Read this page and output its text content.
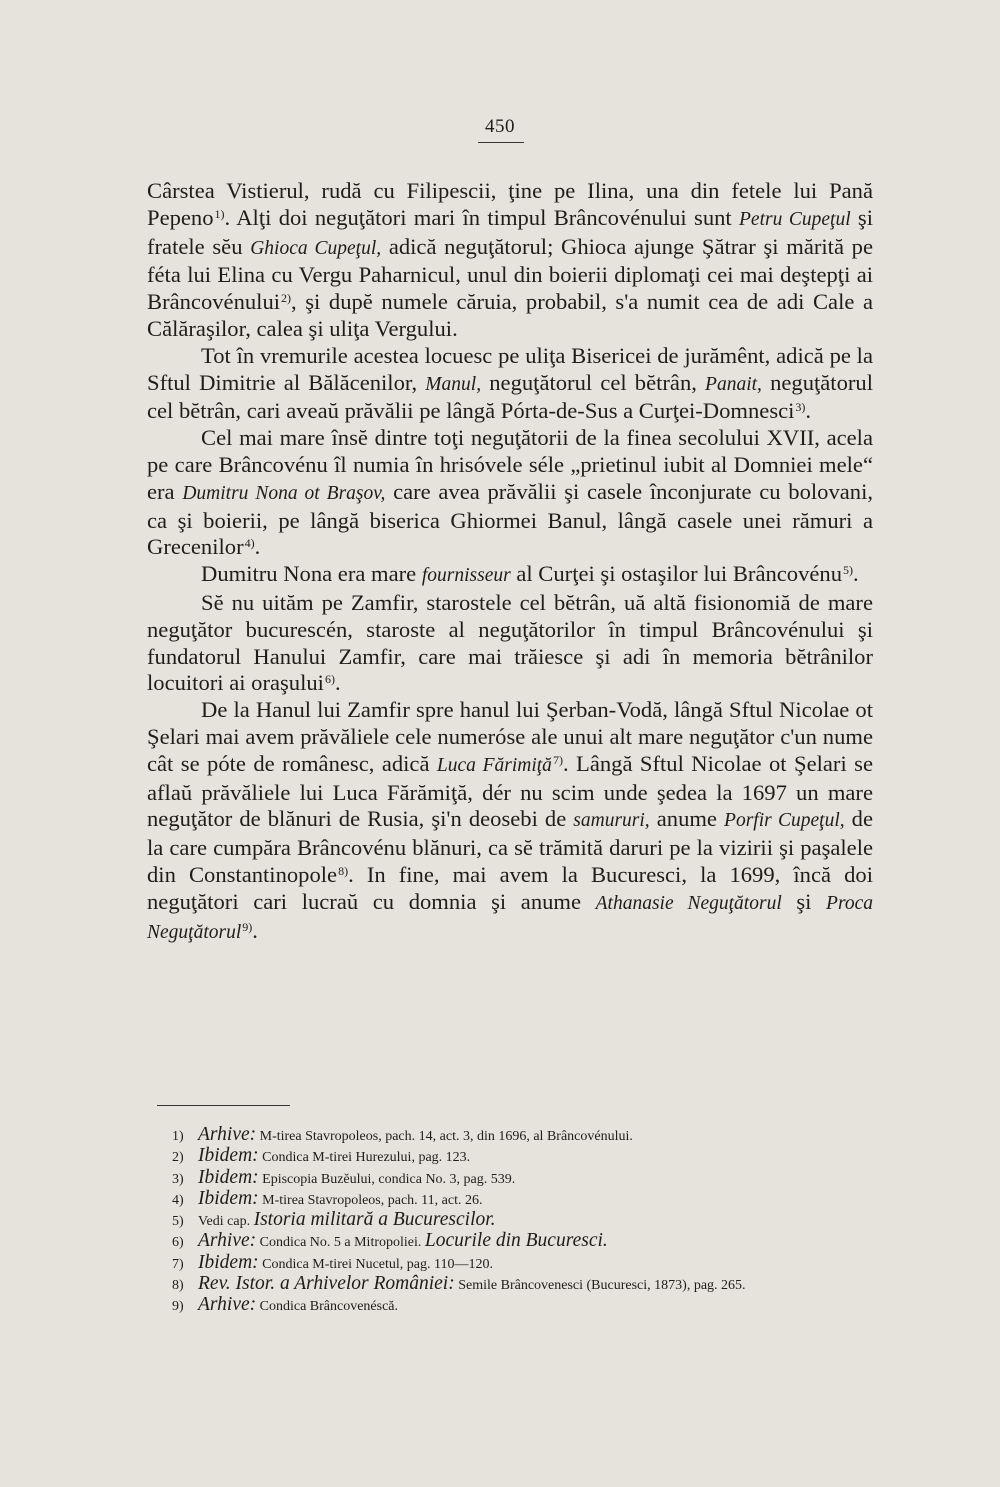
450

Cârstea Vistierul, rudă cu Filipescii, ţine pe Ilina, una din fetele lui Pană Pepeno$^{1)}$. Alţi doi neguţători mari în timpul Brâncovénului sunt Petru Cupeţul şi fratele sĕu Ghioca Cupeţul, adică neguţătorul; Ghioca ajunge Şătrar şi mărită pe féta lui Elina cu Vergu Paharnicul, unul din boierii diplomaţi cei mai deştepţi ai Brâncovénului$^{2)}$, şi dupĕ numele căruia, probabil, s'a numit cea de adi Cale a Călăraşilor, calea şi uliţa Vergului.

Tot în vremurile acestea locuesc pe uliţa Bisericei de jurămênt, adică pe la Sftul Dimitrie al Bălăcenilor, Manul, neguţătorul cel bĕtrân, Panait, neguţătorul cel bĕtrân, cari aveaŭ prăvălii pe lângă Pórta-de-Sus a Curţei-Domnesci$^{3)}$.

Cel mai mare însĕ dintre toţi neguţătorii de la finea secolului XVII, acela pe care Brâncovénu îl numia în hrisóvele séle „prietinul iubit al Domniei mele“ era Dumitru Nona ot Braşov, care avea prăvălii şi casele înconjurate cu bolovani, ca şi boierii, pe lângă biserica Ghiormei Banul, lângă casele unei rămuri a Grecenilor$^{4)}$.

Dumitru Nona era mare fournisseur al Curţei şi ostaşilor lui Brâncovénu$^{5)}$.

Sĕ nu uităm pe Zamfir, starostele cel bĕtrân, uă altă fisionomiă de mare neguţător bucurescén, staroste al neguţătorilor în timpul Brâncovénului şi fundatorul Hanului Zamfir, care mai trăiesce şi adi în memoria bĕtrânilor locuitori ai oraşului$^{6)}$.

De la Hanul lui Zamfir spre hanul lui Şerban-Vodă, lângă Sftul Nicolae ot Şelari mai avem prăvăliele cele numeróse ale unui alt mare neguţător c'un nume cât se póte de românesc, adică Luca Fărimiţă$^{7)}$. Lângă Sftul Nicolae ot Şelari se aflaŭ prăvăliele lui Luca Fărămiţă, dér nu scim unde şedea la 1697 un mare neguţător de blănuri de Rusia, şi'n deosebi de samururi, anume Porfir Cupeţul, de la care cumpăra Brâncovénu blănuri, ca sĕ trămită daruri pe la vizirii şi paşalele din Constantinopole$^{8)}$. In fine, mai avem la Bucuresci, la 1699, încă doi neguţători cari lucraŭ cu domnia şi anume Athanasie Neguţătorul şi Proca Neguţătorul$^{9)}$.

1) Arhive: M-tirea Stavropoleos, pach. 14, act. 3, din 1696, al Brâncovénului.
2) Ibidem: Condica M-tirei Hurezului, pag. 123.
3) Ibidem: Episcopia Buzĕului, condica No. 3, pag. 539.
4) Ibidem: M-tirea Stavropoleos, pach. 11, act. 26.
5) Vedi cap. Istoria militară a Bucurescilor.
6) Arhive: Condica No. 5 a Mitropoliei. Locurile din Bucuresci.
7) Ibidem: Condica M-tirei Nucetul, pag. 110—120.
8) Rev. Istor. a Arhivelor României: Semile Brâncovenesci (Bucuresci, 1873), pag. 265.
9) Arhive: Condica Brâncovenéscă.
